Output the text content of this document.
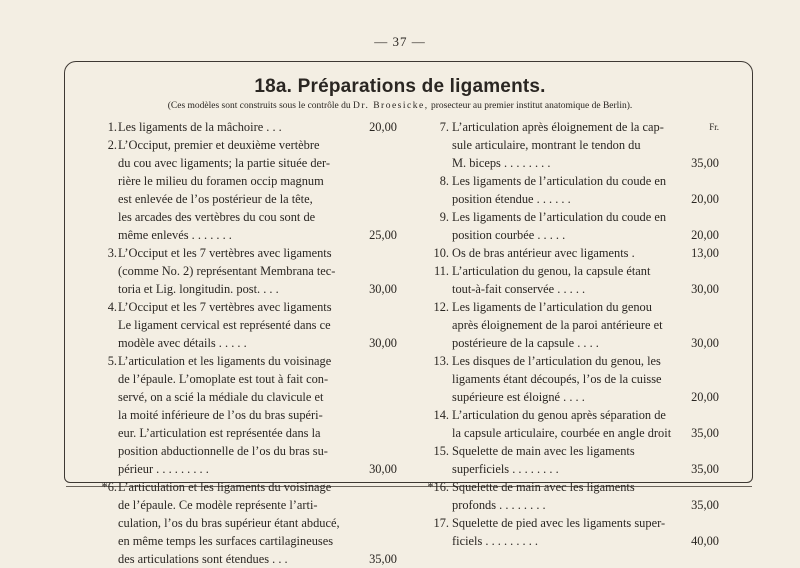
— 37 —
18a. Préparations de ligaments.
(Ces modèles sont construits sous le contrôle du Dr. Broesicke, prosecteur au premier institut anatomique de Berlin).
1. Les ligaments de la mâchoire . . .	20,00
2. L’Occiput, premier et deuxième vertèbre
du cou avec ligaments; la partie située der-
rière le milieu du foramen occip magnum
est enlevée de l’os postérieur de la tête,
les arcades des vertèbres du cou sont de
même enlevés . . . . . . .	25,00
3. L’Occiput et les 7 vertèbres avec ligaments
(comme No. 2) représentant Membrana tec-
toria et Lig. longitudin. post. . . .	30,00
4. L’Occiput et les 7 vertèbres avec ligaments
Le ligament cervical est représenté dans ce
modèle avec détails . . . . .	30,00
5. L’articulation et les ligaments du voisinage
de l’épaule. L’omoplate est tout à fait con-
servé, on a scié la médiale du clavicule et
la moité inférieure de l’os du bras supéri-
eur. L’articulation est représentée dans la
position abductionnelle de l’os du bras su-
périeur . . . . . . . . .	30,00
*6. L’articulation et les ligaments du voisinage
de l’épaule. Ce modèle représente l’arti-
culation, l’os du bras supérieur étant abducé,
en même temps les surfaces cartilagineuses
des articulations sont étendues . . .	35,00
Fr.
7. L’articulation après éloignement de la cap-
sule articulaire, montrant le tendon du
M. biceps . . . . . . . .	35,00
8. Les ligaments de l’articulation du coude en
position étendue . . . . . .	20,00
9. Les ligaments de l’articulation du coude en
position courbée . . . . .	20,00
10. Os de bras antérieur avec ligaments .	13,00
11. L’articulation du genou, la capsule étant
tout-à-fait conservée . . . . .	30,00
12. Les ligaments de l’articulation du genou
après éloignement de la paroi antérieure et
postérieure de la capsule . . . .	30,00
13. Les disques de l’articulation du genou, les
ligaments étant découpés, l’os de la cuisse
supérieure est éloigné . . . .	20,00
14. L’articulation du genou après séparation de
la capsule articulaire, courbée en angle droit 35,00
15. Squelette de main avec les ligaments
superficiels . . . . . . . .	35,00
*16. Squelette de main avec les ligaments
profonds . . . . . . . .	35,00
17. Squelette de pied avec les ligaments super-
ficiels . . . . . . . . .	40,00
